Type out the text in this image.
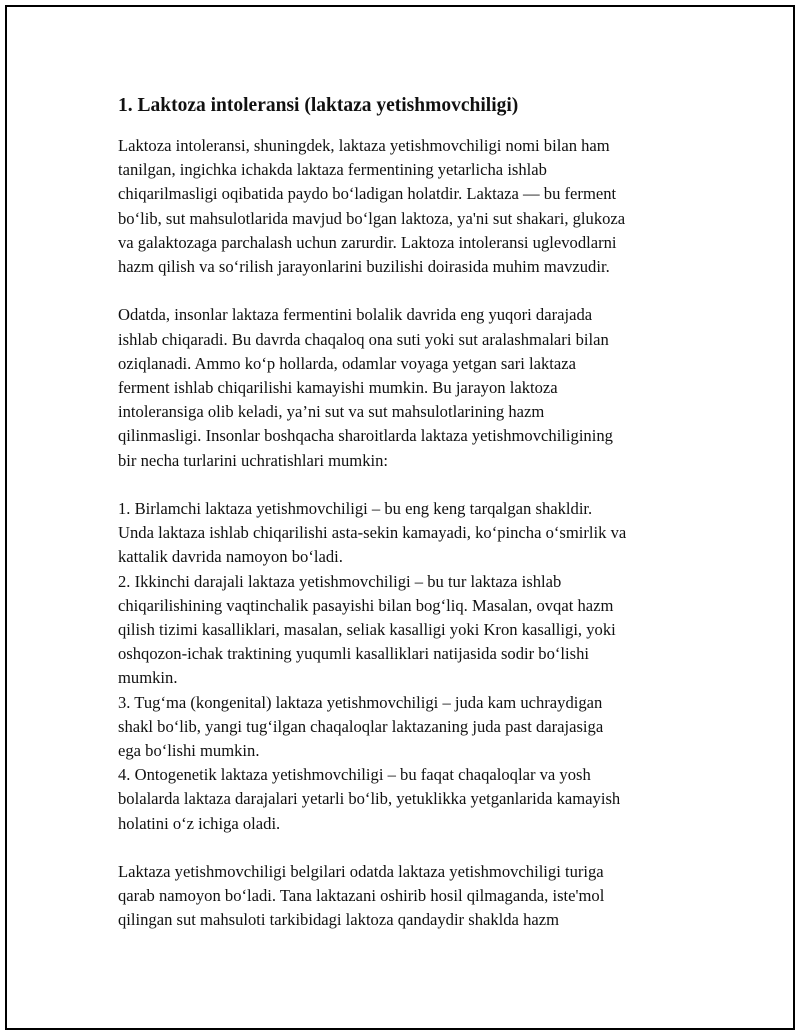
1. Laktoza intoleransi (laktaza yetishmovchiligi)

Laktoza intoleransi, shuningdek, laktaza yetishmovchiligi nomi bilan ham
tanilgan, ingichka ichakda laktaza fermentining yetarlicha ishlab
chiqarilmasligi oqibatida paydo boʻladigan holatdir. Laktaza — bu ferment
boʻlib, sut mahsulotlarida mavjud boʻlgan laktoza, ya'ni sut shakari, glukoza
va galaktozaga parchalash uchun zarurdir. Laktoza intoleransi uglevodlarni
hazm qilish va soʻrilish jarayonlarini buzilishi doirasida muhim mavzudir.

Odatda, insonlar laktaza fermentini bolalik davrida eng yuqori darajada
ishlab chiqaradi. Bu davrda chaqaloq ona suti yoki sut aralashmalari bilan
oziqlanadi. Ammo koʻp hollarda, odamlar voyaga yetgan sari laktaza
ferment ishlab chiqarilishi kamayishi mumkin. Bu jarayon laktoza
intoleransiga olib keladi, ya’ni sut va sut mahsulotlarining hazm
qilinmasligi. Insonlar boshqacha sharoitlarda laktaza yetishmovchiligining
bir necha turlarini uchratishlari mumkin:

1. Birlamchi laktaza yetishmovchiligi – bu eng keng tarqalgan shakldir.
Unda laktaza ishlab chiqarilishi asta-sekin kamayadi, koʻpincha oʻsmirlik va
kattalik davrida namoyon boʻladi.
2. Ikkinchi darajali laktaza yetishmovchiligi – bu tur laktaza ishlab
chiqarilishining vaqtinchalik pasayishi bilan bogʻliq. Masalan, ovqat hazm
qilish tizimi kasalliklari, masalan, seliak kasalligi yoki Kron kasalligi, yoki
oshqozon-ichak traktining yuqumli kasalliklari natijasida sodir boʻlishi
mumkin.
3. Tugʻma (kongenital) laktaza yetishmovchiligi – juda kam uchraydigan
shakl boʻlib, yangi tugʻilgan chaqaloqlar laktazaning juda past darajasiga
ega boʻlishi mumkin.
4. Ontogenetik laktaza yetishmovchiligi – bu faqat chaqaloqlar va yosh
bolalarda laktaza darajalari yetarli boʻlib, yetuklikka yetganlarida kamayish
holatini oʻz ichiga oladi.

Laktaza yetishmovchiligi belgilari odatda laktaza yetishmovchiligi turiga
qarab namoyon boʻladi. Tana laktazani oshirib hosil qilmaganda, iste'mol
qilingan sut mahsuloti tarkibidagi laktoza qandaydir shaklda hazm
